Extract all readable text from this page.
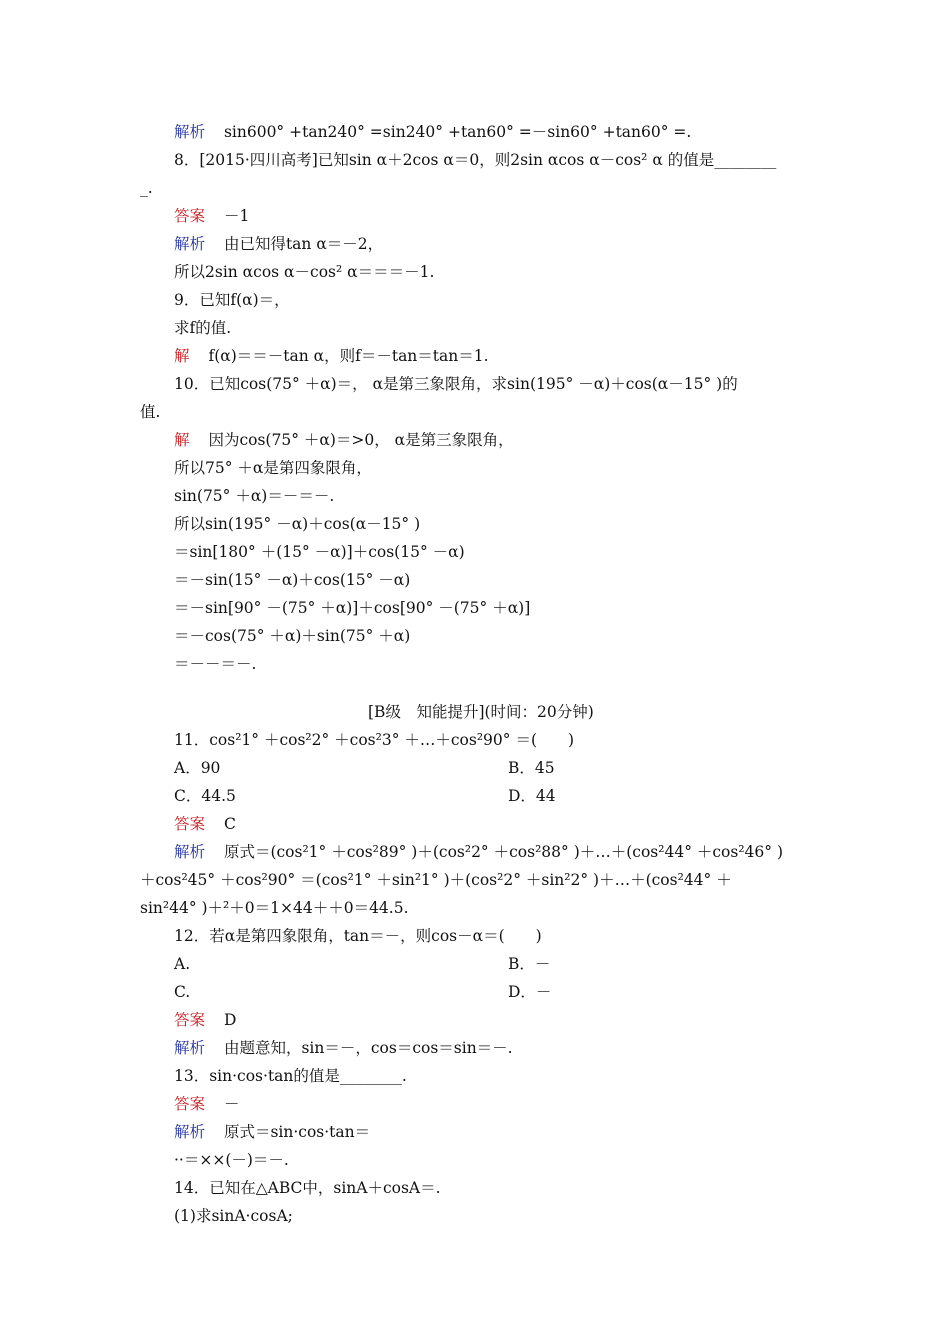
解析 sin600° +tan240° =sin240° +tan60° =－sin60° +tan60° =.
8．[2015·四川高考]已知sin α＋2cos α＝0，则2sin αcos α－cos² α 的值是________
_.
答案 －1
解析 由已知得tan α＝－2，
所以2sin αcos α－cos² α＝＝＝－1.
9．已知f(α)＝，
求f的值.
解 f(α)＝＝－tan α，则f＝－tan＝tan＝1.
10．已知cos(75° ＋α)＝， α是第三象限角，求sin(195° －α)＋cos(α－15° )的
值.
解 因为cos(75° ＋α)＝>0， α是第三象限角，
所以75° ＋α是第四象限角，
sin(75° ＋α)＝－＝－.
所以sin(195° －α)＋cos(α－15° )
＝sin[180° ＋(15° －α)]＋cos(15° －α)
＝－sin(15° －α)＋cos(15° －α)
＝－sin[90° －(75° ＋α)]＋cos[90° －(75° ＋α)]
＝－cos(75° ＋α)＋sin(75° ＋α)
＝－－＝－.
[B级　知能提升](时间：20分钟)
11．cos²1° ＋cos²2° ＋cos²3° ＋…＋cos²90° ＝(　　)
A．90	B．45
C．44.5	D．44
答案 C
解析 原式＝(cos²1° ＋cos²89° )＋(cos²2° ＋cos²88° )＋…＋(cos²44° ＋cos²46° )
＋cos²45° ＋cos²90° ＝(cos²1° ＋sin²1° )＋(cos²2° ＋sin²2° )＋…＋(cos²44° ＋
sin²44° )＋²＋0＝1×44＋＋0＝44.5.
12．若α是第四象限角，tan＝－，则cos－α＝(　　)
A.	B．－
C.	D．－
答案 D
解析 由题意知，sin＝－，cos＝cos＝sin＝－.
13．sin·cos·tan的值是________.
答案 －
解析 原式＝sin·cos·tan＝
··＝××(－)＝－.
14．已知在△ABC中，sinA＋cosA＝.
(1)求sinA·cosA;
